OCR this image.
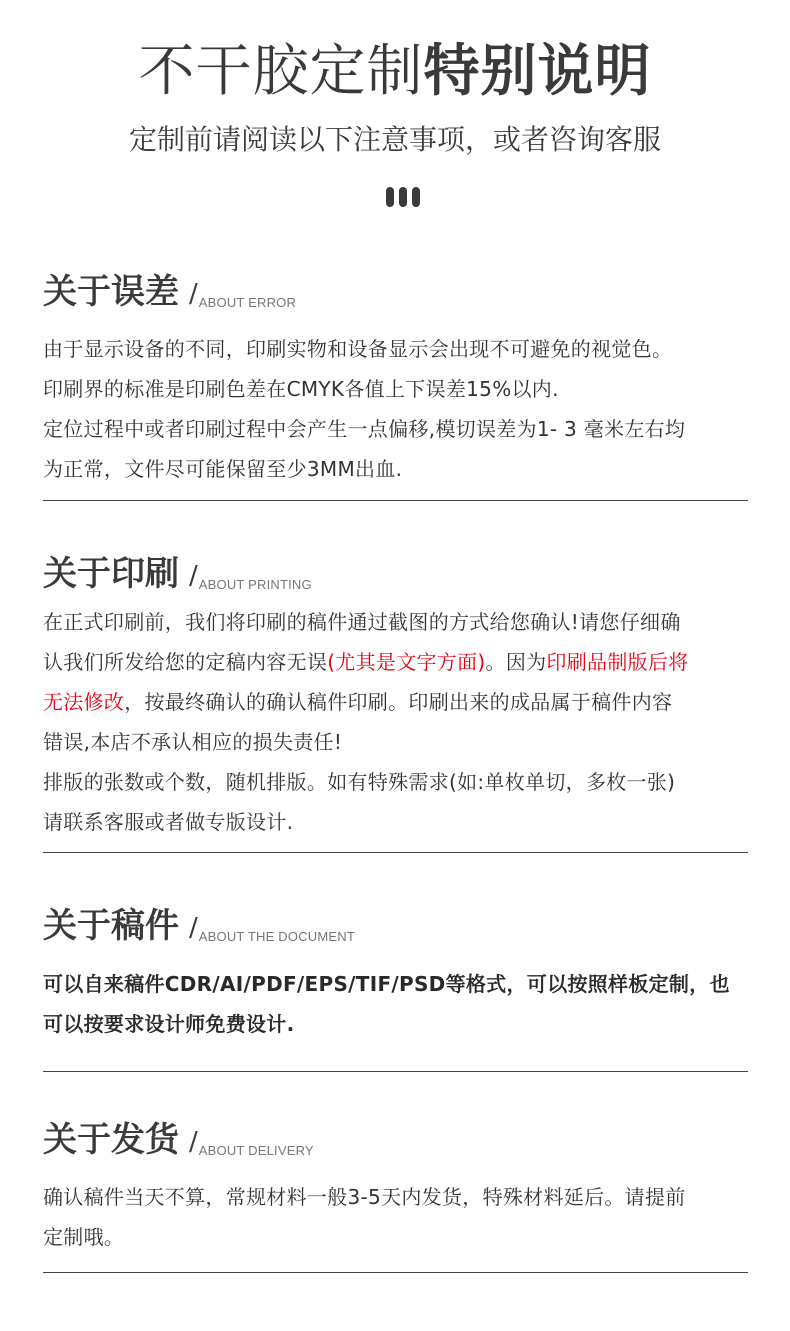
不干胶定制特别说明
定制前请阅读以下注意事项，或者咨询客服
关于误差 / ABOUT ERROR

由于显示设备的不同，印刷实物和设备显示会出现不可避免的视觉色。

印刷界的标准是印刷色差在CMYK各值上下误差15%以内.

定位过程中或者印刷过程中会产生一点偏移,模切误差为1- 3 毫米左右均

为正常，文件尽可能保留至少3MM出血.

关于印刷 / ABOUT PRINTING

在正式印刷前，我们将印刷的稿件通过截图的方式给您确认!请您仔细确

认我们所发给您的定稿内容无误(尤其是文字方面)。因为印刷品制版后将

无法修改，按最终确认的确认稿件印刷。印刷出来的成品属于稿件内容

错误,本店不承认相应的损失责任!

排版的张数或个数，随机排版。如有特殊需求(如:单枚单切，多枚一张)

请联系客服或者做专版设计.

关于稿件 / ABOUT THE DOCUMENT

可以自来稿件CDR/AI/PDF/EPS/TIF/PSD等格式，可以按照样板定制，也

可以按要求设计师免费设计.

关于发货 / ABOUT DELIVERY

确认稿件当天不算，常规材料一般3-5天内发货，特殊材料延后。请提前

定制哦。
